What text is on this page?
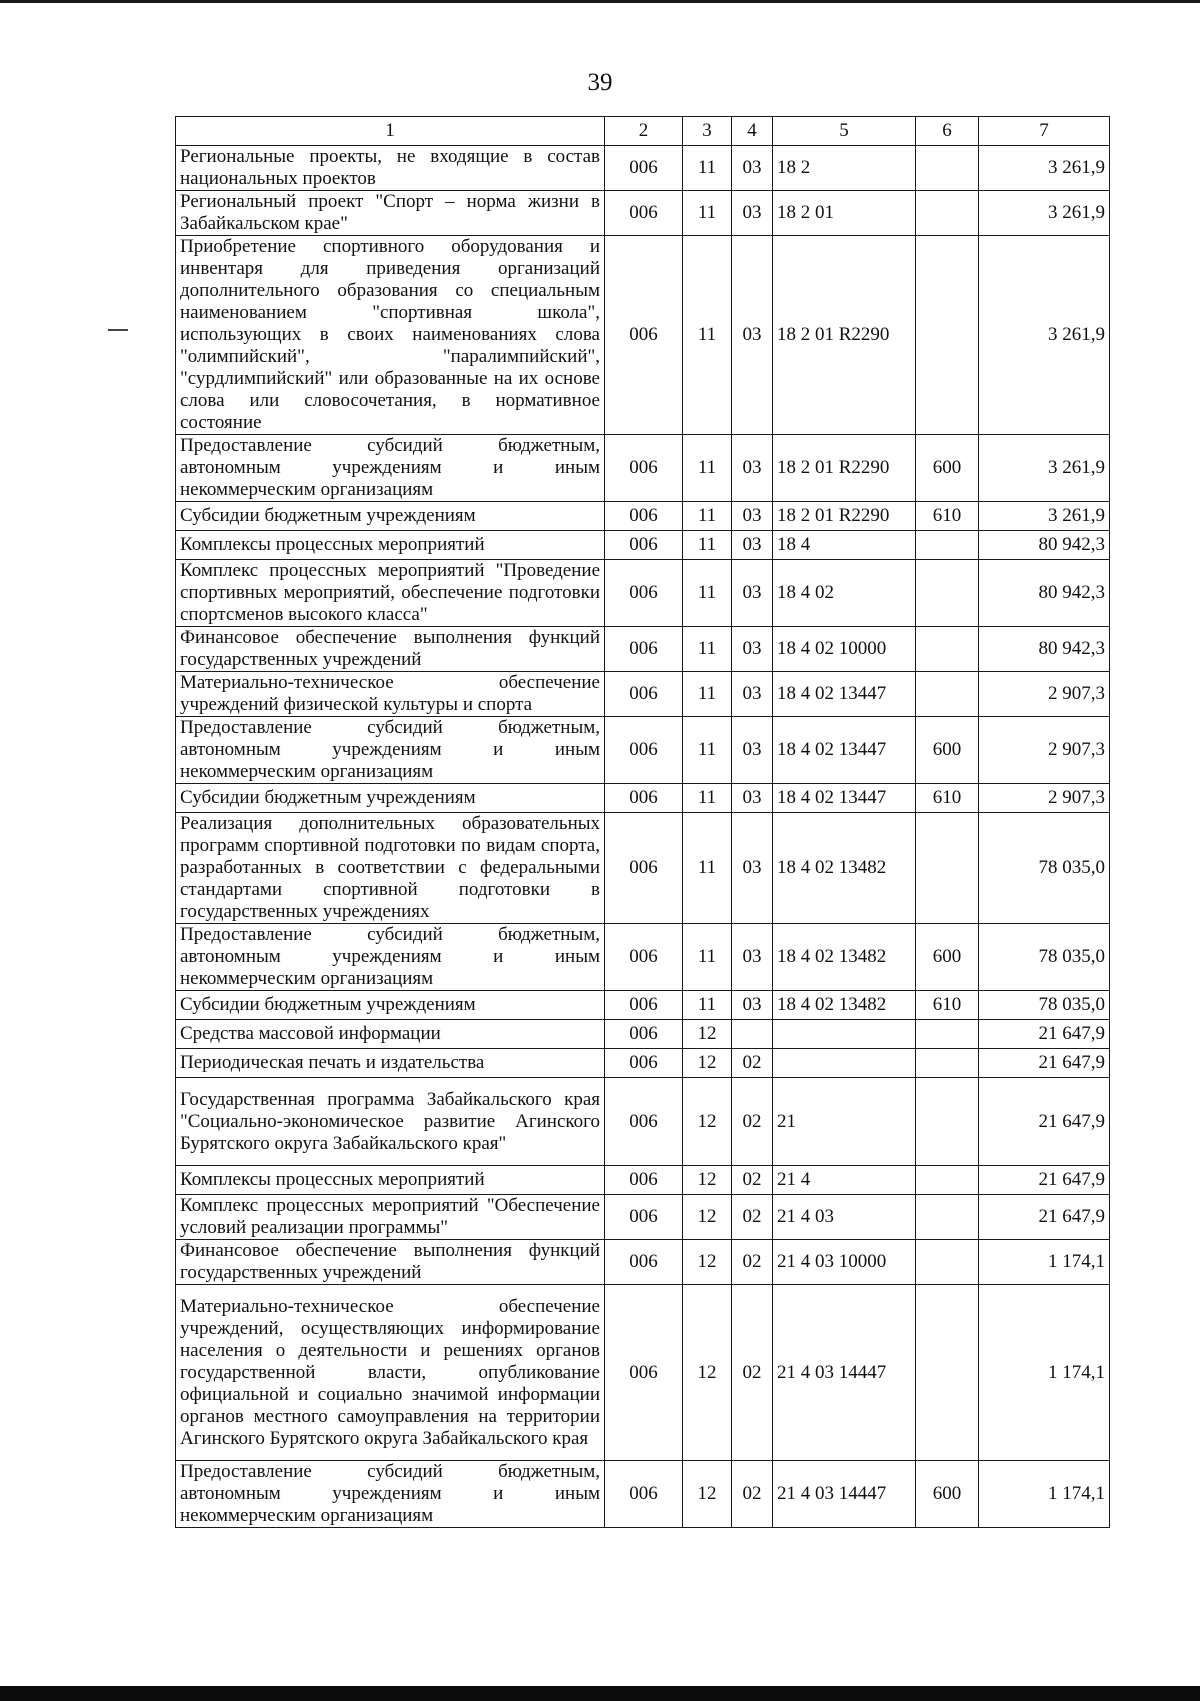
39
1	2	3	4	5	6	7
Региональные проекты, не входящие в состав национальных проектов	006	11	03	18 2		3 261,9
Региональный проект "Спорт – норма жизни в Забайкальском крае"	006	11	03	18 2 01		3 261,9
Приобретение спортивного оборудования и инвентаря для приведения организаций дополнительного образования со специальным наименованием "спортивная школа", использующих в своих наименованиях слова "олимпийский", "паралимпийский", "сурдлимпийский" или образованные на их основе слова или словосочетания, в нормативное состояние	006	11	03	18 2 01 R2290		3 261,9
Предоставление субсидий бюджетным, автономным учреждениям и иным некоммерческим организациям	006	11	03	18 2 01 R2290	600	3 261,9
Субсидии бюджетным учреждениям	006	11	03	18 2 01 R2290	610	3 261,9
Комплексы процессных мероприятий	006	11	03	18 4		80 942,3
Комплекс процессных мероприятий "Проведение спортивных мероприятий, обеспечение подготовки спортсменов высокого класса"	006	11	03	18 4 02		80 942,3
Финансовое обеспечение выполнения функций государственных учреждений	006	11	03	18 4 02 10000		80 942,3
Материально-техническое обеспечение учреждений физической культуры и спорта	006	11	03	18 4 02 13447		2 907,3
Предоставление субсидий бюджетным, автономным учреждениям и иным некоммерческим организациям	006	11	03	18 4 02 13447	600	2 907,3
Субсидии бюджетным учреждениям	006	11	03	18 4 02 13447	610	2 907,3
Реализация дополнительных образовательных программ спортивной подготовки по видам спорта, разработанных в соответствии с федеральными стандартами спортивной подготовки в государственных учреждениях	006	11	03	18 4 02 13482		78 035,0
Предоставление субсидий бюджетным, автономным учреждениям и иным некоммерческим организациям	006	11	03	18 4 02 13482	600	78 035,0
Субсидии бюджетным учреждениям	006	11	03	18 4 02 13482	610	78 035,0
Средства массовой информации	006	12				21 647,9
Периодическая печать и издательства	006	12	02			21 647,9
Государственная программа Забайкальского края "Социально-экономическое развитие Агинского Бурятского округа Забайкальского края"	006	12	02	21		21 647,9
Комплексы процессных мероприятий	006	12	02	21 4		21 647,9
Комплекс процессных мероприятий "Обеспечение условий реализации программы"	006	12	02	21 4 03		21 647,9
Финансовое обеспечение выполнения функций государственных учреждений	006	12	02	21 4 03 10000		1 174,1
Материально-техническое обеспечение учреждений, осуществляющих информирование населения о деятельности и решениях органов государственной власти, опубликование официальной и социально значимой информации органов местного самоуправления на территории Агинского Бурятского округа Забайкальского края	006	12	02	21 4 03 14447		1 174,1
Предоставление субсидий бюджетным, автономным учреждениям и иным некоммерческим организациям	006	12	02	21 4 03 14447	600	1 174,1
